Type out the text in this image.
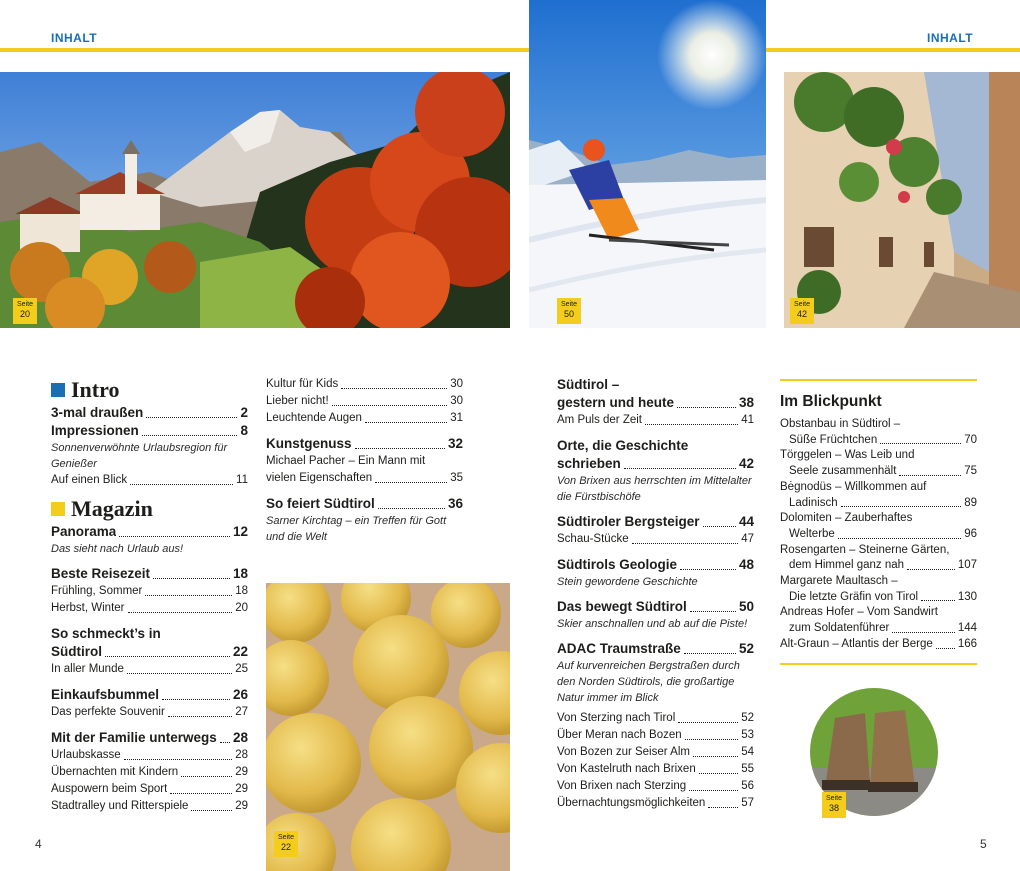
INHALT	INHALT
Seite
20
Seite
50
Seite
42
Seite
22
Seite
38
Intro
3-mal draußen	2
Impressionen	8
Sonnenverwöhnte Urlaubsregion für Genießer
Auf einen Blick	11
Magazin
Panorama	12
Das sieht nach Urlaub aus!
Beste Reisezeit	18
Frühling, Sommer	18
Herbst, Winter	20
So schmeckt’s in
Südtirol	22
In aller Munde	25
Einkaufsbummel	26
Das perfekte Souvenir	27
Mit der Familie unterwegs 28
Urlaubskasse	28
Übernachten mit Kindern	29
Auspowern beim Sport	29
Stadtralley und Ritterspiele	29
Kultur für Kids	30
Lieber nicht!	30
Leuchtende Augen	31
Kunstgenuss	32
Michael Pacher – Ein Mann mit
vielen Eigenschaften	35
So feiert Südtirol	36
Sarner Kirchtag – ein Treffen für Gott und die Welt
Südtirol –
gestern und heute	38
Am Puls der Zeit	41
Orte, die Geschichte
schrieben	42
Von Brixen aus herrschten im Mittelalter die Fürstbischöfe
Südtiroler Bergsteiger	44
Schau-Stücke	47
Südtirols Geologie	48
Stein gewordene Geschichte
Das bewegt Südtirol	50
Skier anschnallen und ab auf die Piste!
ADAC Traumstraße	52
Auf kurvenreichen Bergstraßen durch den Norden Südtirols, die großartige Natur immer im Blick
Von Sterzing nach Tirol	52
Über Meran nach Bozen	53
Von Bozen zur Seiser Alm	54
Von Kastelruth nach Brixen	55
Von Brixen nach Sterzing	56
Übernachtungsmöglichkeiten	57
Im Blickpunkt
Obstanbau in Südtirol –
Süße Früchtchen	70
Törggelen – Was Leib und
Seele zusammenhält	75
Bėgnodüs – Willkommen auf
Ladinisch	89
Dolomiten – Zauberhaftes
Welterbe	96
Rosengarten – Steinerne Gärten,
dem Himmel ganz nah	107
Margarete Maultasch –
Die letzte Gräfin von Tirol	130
Andreas Hofer – Vom Sandwirt
zum Soldatenführer	144
Alt-Graun – Atlantis der Berge 166
4	5
